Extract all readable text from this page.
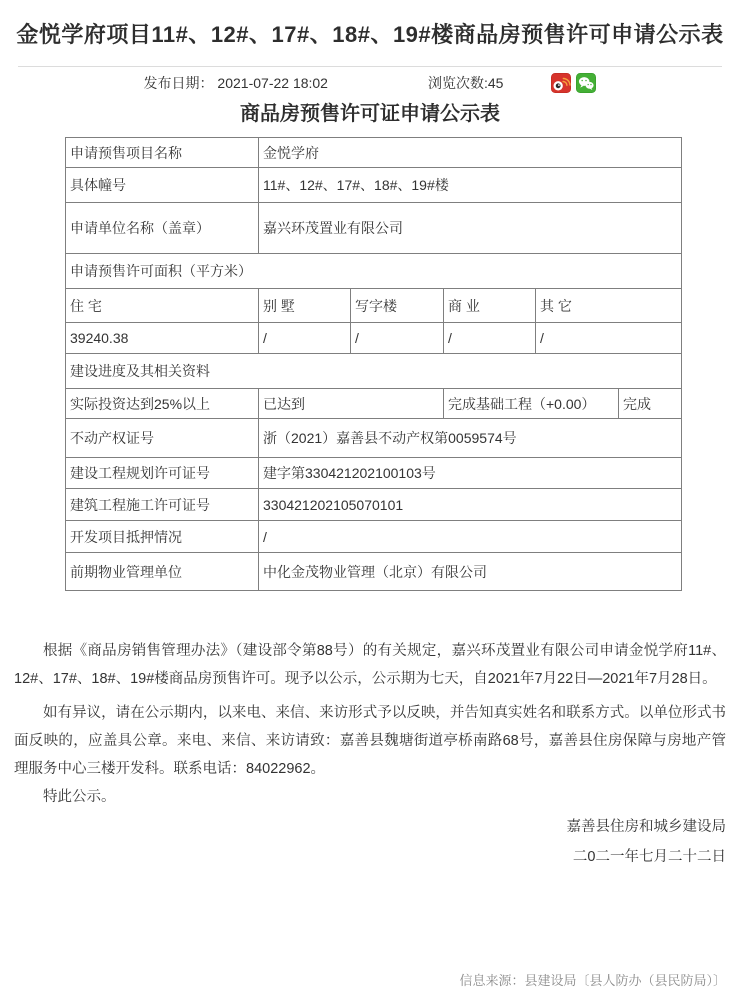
金悦学府项目11#、12#、17#、18#、19#楼商品房预售许可申请公示表
发布日期： 2021-07-22 18:02	浏览次数:45
商品房预售许可证申请公示表
申请预售项目名称	金悦学府				
具体幢号	11#、12#、17#、18#、19#楼				
申请单位名称（盖章）	嘉兴环茂置业有限公司				
申请预售许可面积（平方米）					
住 宅	别 墅	写字楼	商 业	其 它	
39240.38	/	/	/	/	
建设进度及其相关资料					
实际投资达到25%以上	已达到		完成基础工程（+0.00）		完成
不动产权证号	浙（2021）嘉善县不动产权第0059574号				
建设工程规划许可证号	建字第330421202100103号				
建筑工程施工许可证号	330421202105070101				
开发项目抵押情况	/				
前期物业管理单位	中化金茂物业管理（北京）有限公司				

根据《商品房销售管理办法》（建设部令第88号）的有关规定，嘉兴环茂置业有限公司申请金悦学府11#、12#、17#、18#、19#楼商品房预售许可。现予以公示，公示期为七天，自2021年7月22日—2021年7月28日。

如有异议，请在公示期内，以来电、来信、来访形式予以反映，并告知真实姓名和联系方式。以单位形式书面反映的，应盖具公章。来电、来信、来访请致：嘉善县魏塘街道亭桥南路68号，嘉善县住房保障与房地产管理服务中心三楼开发科。联系电话：84022962。

特此公示。

嘉善县住房和城乡建设局

二0二一年七月二十二日

信息来源：县建设局〔县人防办（县民防局）〕
